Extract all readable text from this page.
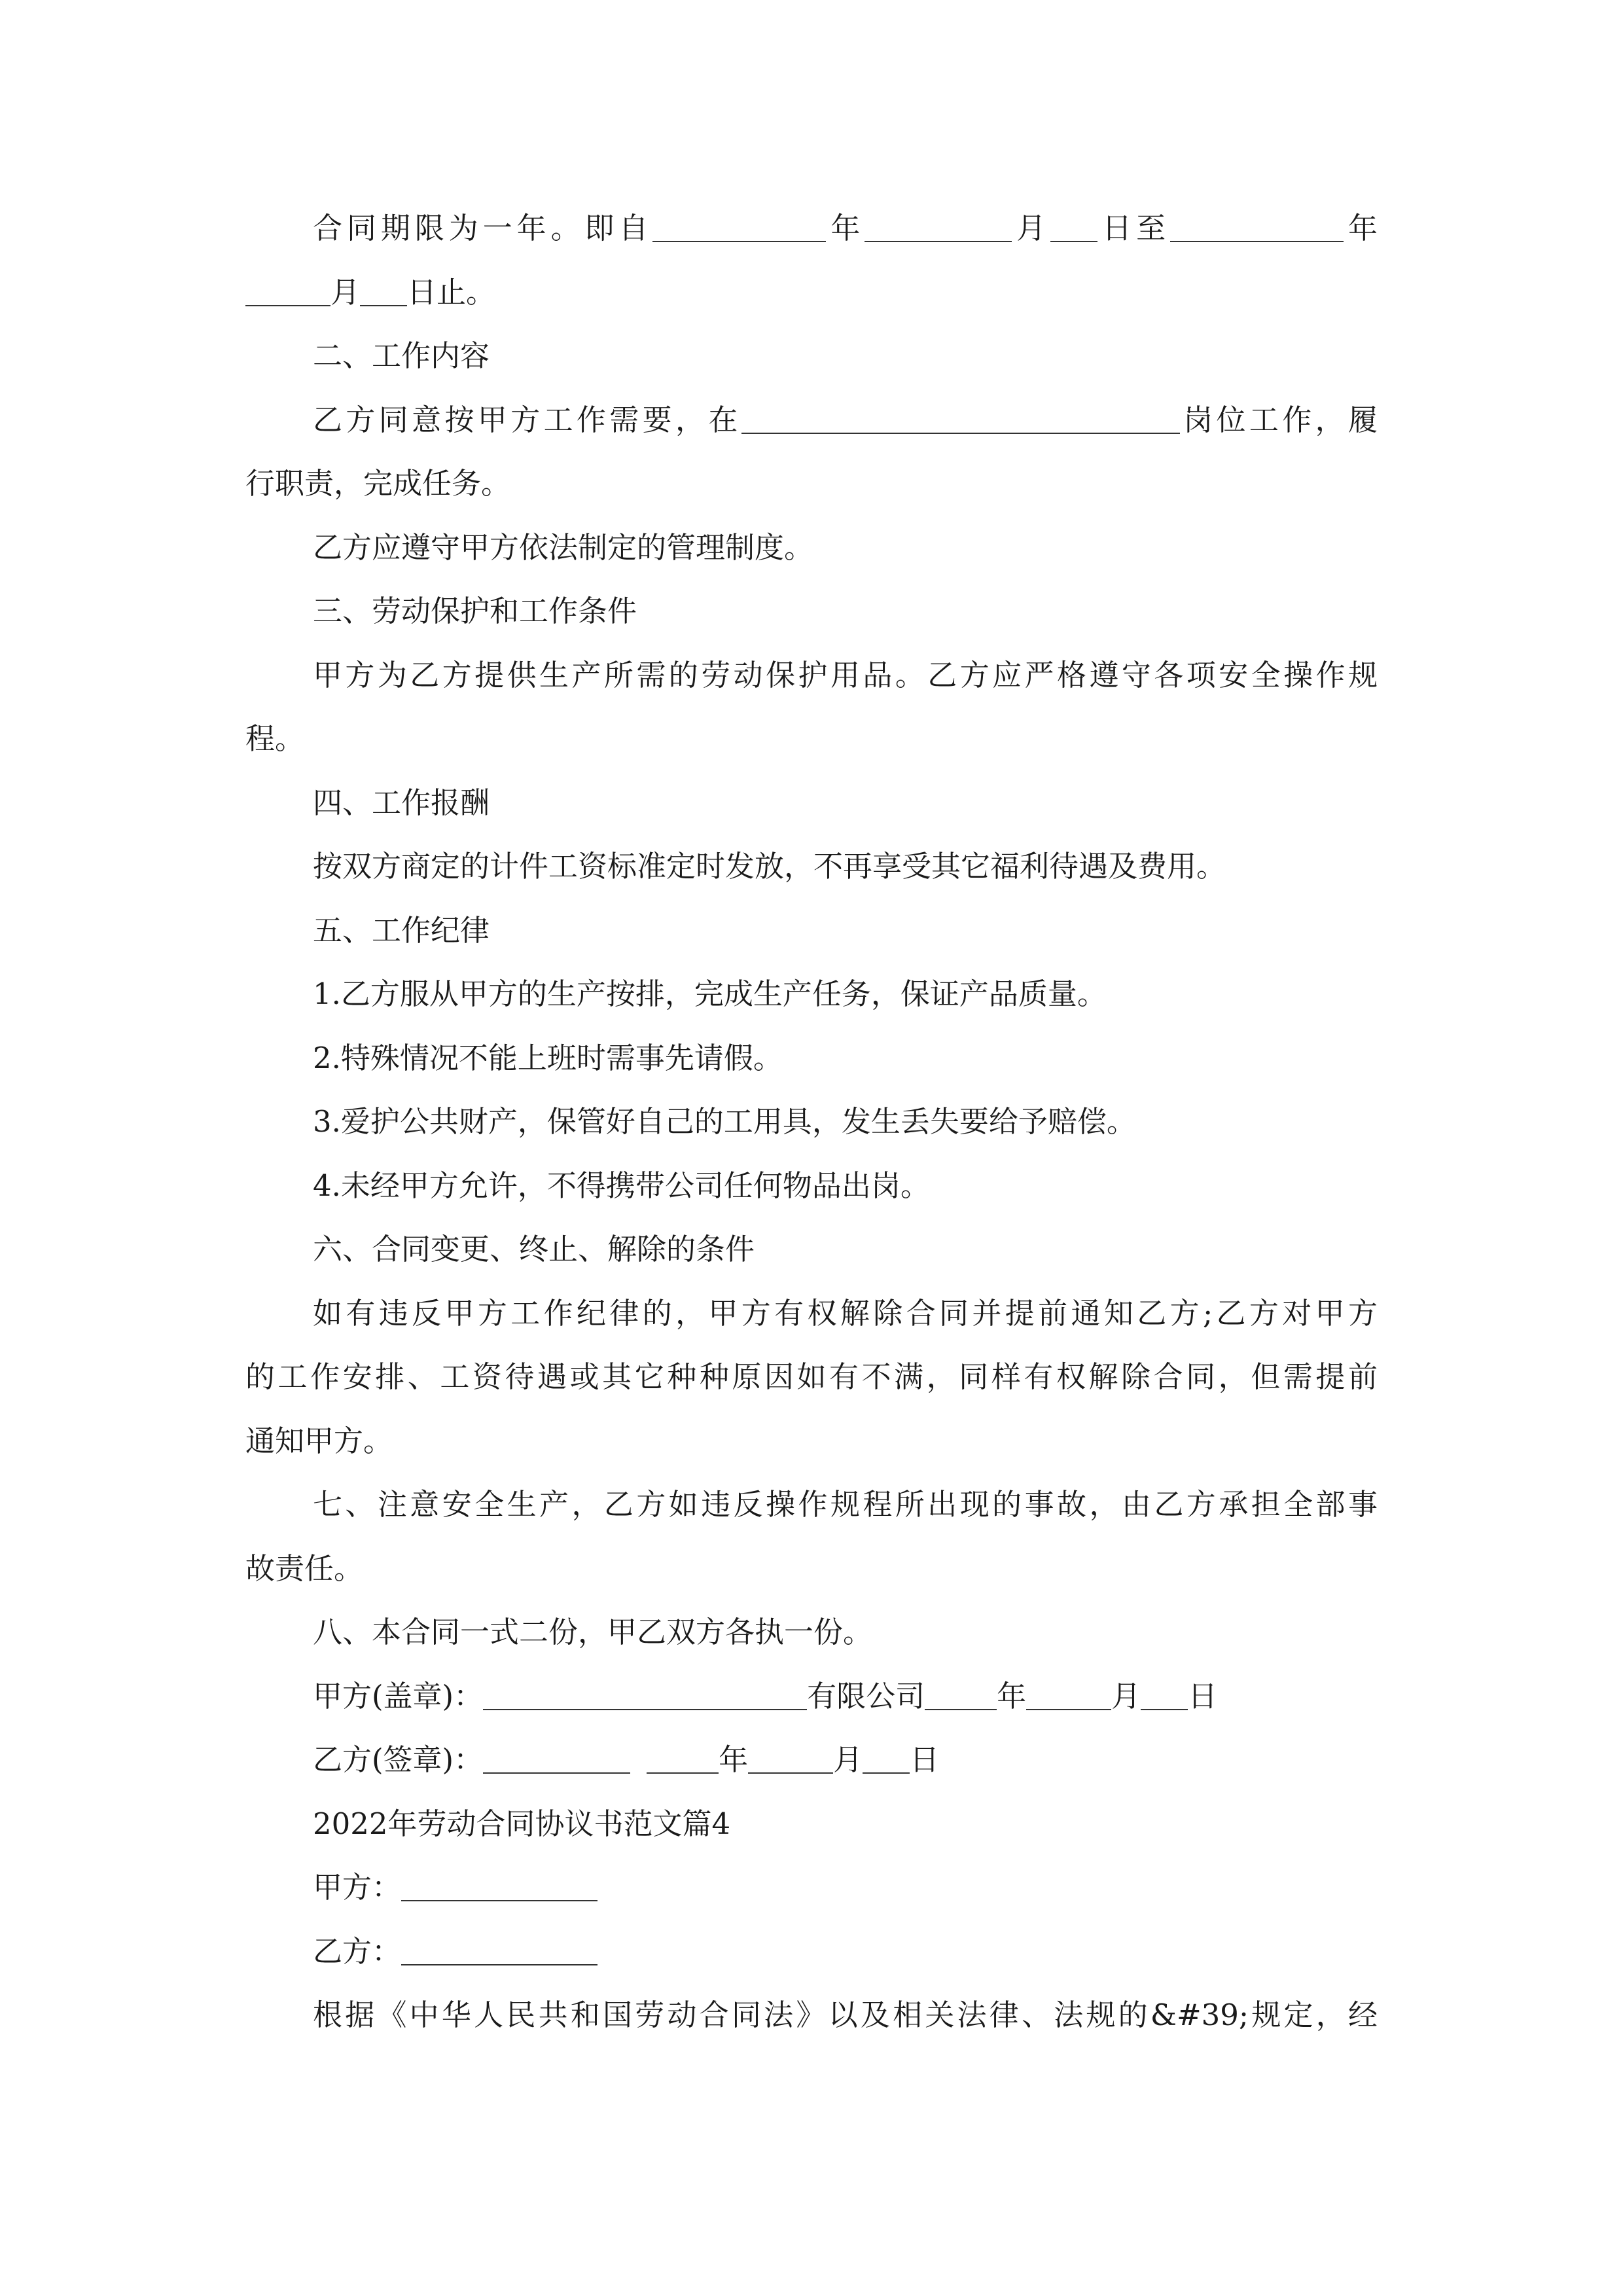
合同期限为一年。即自	年	月 日至	年
月 日止。
二、工作内容
乙方同意按甲方工作需要，在	岗位工作，履
行职责，完成任务。
乙方应遵守甲方依法制定的管理制度。
三、劳动保护和工作条件
甲方为乙方提供生产所需的劳动保护用品。乙方应严格遵守各项安全操作规
程。
四、工作报酬
按双方商定的计件工资标准定时发放，不再享受其它福利待遇及费用。
五、工作纪律
1.乙方服从甲方的生产按排，完成生产任务，保证产品质量。
2.特殊情况不能上班时需事先请假。
3.爱护公共财产，保管好自己的工用具，发生丢失要给予赔偿。
4.未经甲方允许，不得携带公司任何物品出岗。
六、合同变更、终止、解除的条件
如有违反甲方工作纪律的，甲方有权解除合同并提前通知乙方;乙方对甲方
的工作安排、工资待遇或其它种种原因如有不满，同样有权解除合同，但需提前
通知甲方。
七、注意安全生产，乙方如违反操作规程所出现的事故，由乙方承担全部事
故责任。
八、本合同一式二份，甲乙双方各执一份。
甲方(盖章)：	有限公司 年	月 日
乙方(签章)：	年	月 日
2022年劳动合同协议书范文篇4
甲方：
乙方：
根据《中华人民共和国劳动合同法》以及相关法律、法规的&#39;规定，经
